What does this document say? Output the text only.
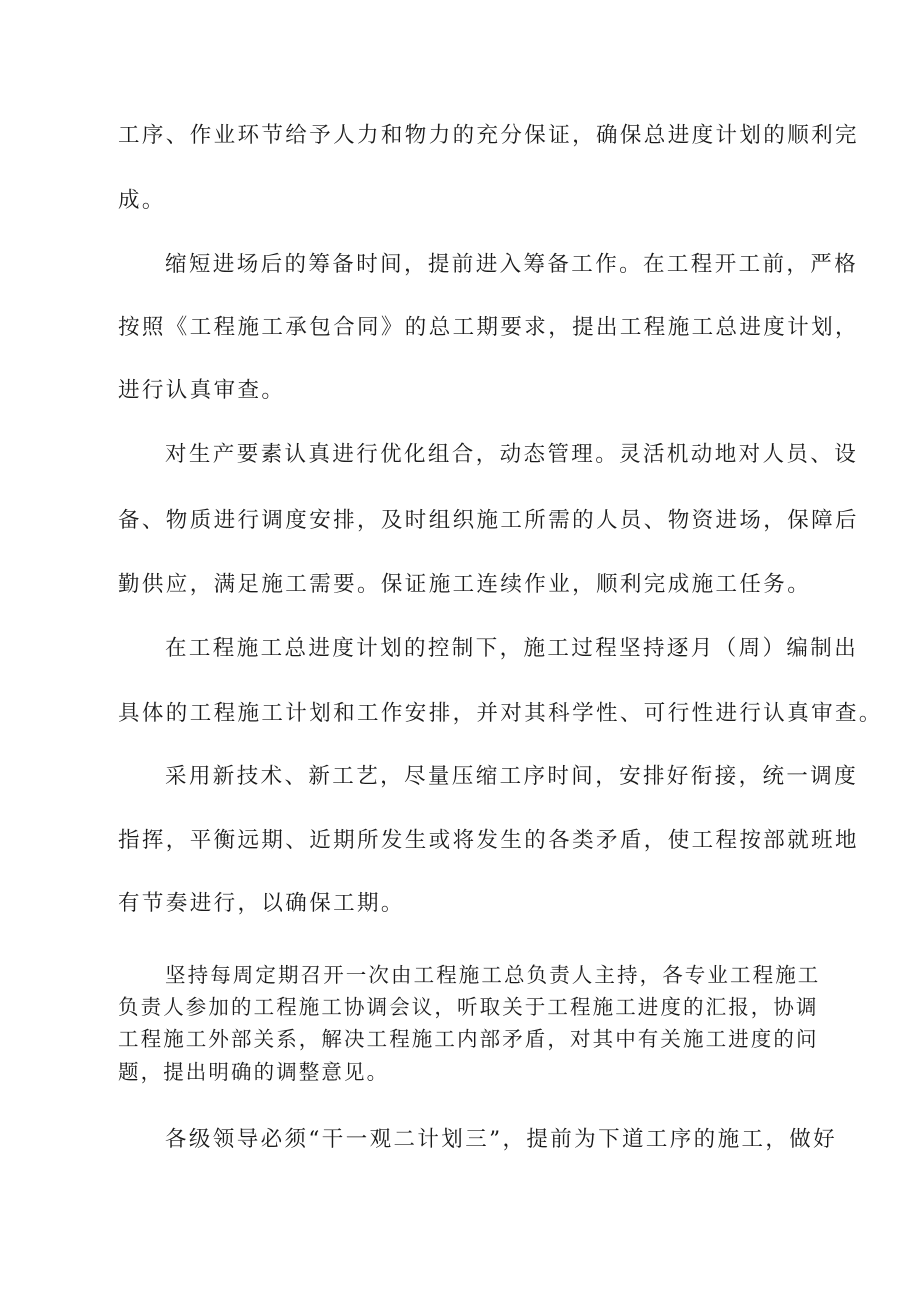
工序、作业环节给予人力和物力的充分保证，确保总进度计划的顺利完
成。
缩短进场后的筹备时间，提前进入筹备工作。在工程开工前，严格
按照《工程施工承包合同》的总工期要求，提出工程施工总进度计划，
进行认真审查。
对生产要素认真进行优化组合，动态管理。灵活机动地对人员、设
备、物质进行调度安排，及时组织施工所需的人员、物资进场，保障后
勤供应，满足施工需要。保证施工连续作业，顺利完成施工任务。
在工程施工总进度计划的控制下，施工过程坚持逐月（周）编制出
具体的工程施工计划和工作安排，并对其科学性、可行性进行认真审查。
采用新技术、新工艺，尽量压缩工序时间，安排好衔接，统一调度
指挥，平衡远期、近期所发生或将发生的各类矛盾，使工程按部就班地
有节奏进行，以确保工期。
坚持每周定期召开一次由工程施工总负责人主持，各专业工程施工
负责人参加的工程施工协调会议，听取关于工程施工进度的汇报，协调
工程施工外部关系，解决工程施工内部矛盾，对其中有关施工进度的问
题，提出明确的调整意见。
各级领导必须“干一观二计划三”，提前为下道工序的施工，做好
